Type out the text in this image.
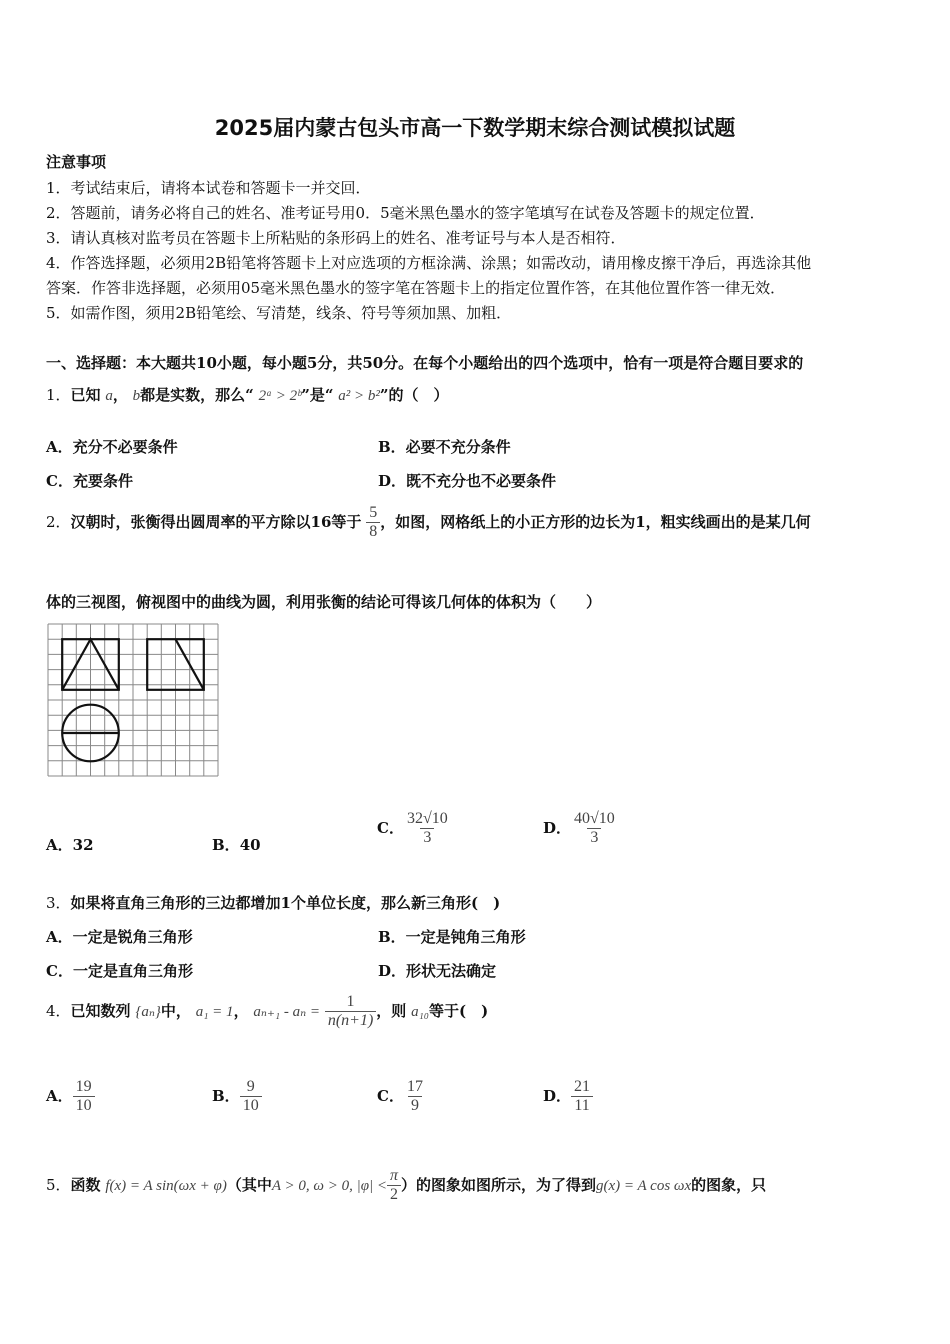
2025届内蒙古包头市高一下数学期末综合测试模拟试题
注意事项
1．考试结束后，请将本试卷和答题卡一并交回．
2．答题前，请务必将自己的姓名、准考证号用0．5毫米黑色墨水的签字笔填写在试卷及答题卡的规定位置．
3．请认真核对监考员在答题卡上所粘贴的条形码上的姓名、准考证号与本人是否相符．
4．作答选择题，必须用2B铅笔将答题卡上对应选项的方框涂满、涂黑；如需改动，请用橡皮擦干净后，再选涂其他
答案．作答非选择题，必须用05毫米黑色墨水的签字笔在答题卡上的指定位置作答，在其他位置作答一律无效．
5．如需作图，须用2B铅笔绘、写清楚，线条、符号等须加黑、加粗．
一、选择题：本大题共10小题，每小题5分，共50分。在每个小题给出的四个选项中，恰有一项是符合题目要求的
1．已知 a， b都是实数，那么“ 2ᵃ > 2ᵇ”是“ a² > b²”的（　）
A．充分不必要条件	B．必要不充分条件
C．充要条件	D．既不充分也不必要条件
2．汉朝时，张衡得出圆周率的平方除以16等于 $\frac{5}{8}$ ，如图，网格纸上的小正方形的边长为1，粗实线画出的是某几何
体的三视图，俯视图中的曲线为圆，利用张衡的结论可得该几何体的体积为（　　）
A．32	B．40
C． $\frac{32√10}{3}$	D． $\frac{40√10}{3}$
3．如果将直角三角形的三边都增加1个单位长度，那么新三角形(　)
A．一定是锐角三角形	B．一定是钝角三角形
C．一定是直角三角形	D．形状无法确定
4．已知数列 {aₙ}中， a₁ = 1， $a_{n+1} - a_n = \frac{1}{n(n+1)}$ ，则 a₁₀等于(　)
A． $\frac{19}{10}$	B． $\frac{9}{10}$	C． $\frac{17}{9}$	D． $\frac{21}{11}$
5．函数 f(x) = A sin(ωx + φ)（其中A > 0, ω > 0, $|\varphi| < \frac{\pi}{2}$ ）的图象如图所示，为了得到g(x) = A cos ωx的图象，只
